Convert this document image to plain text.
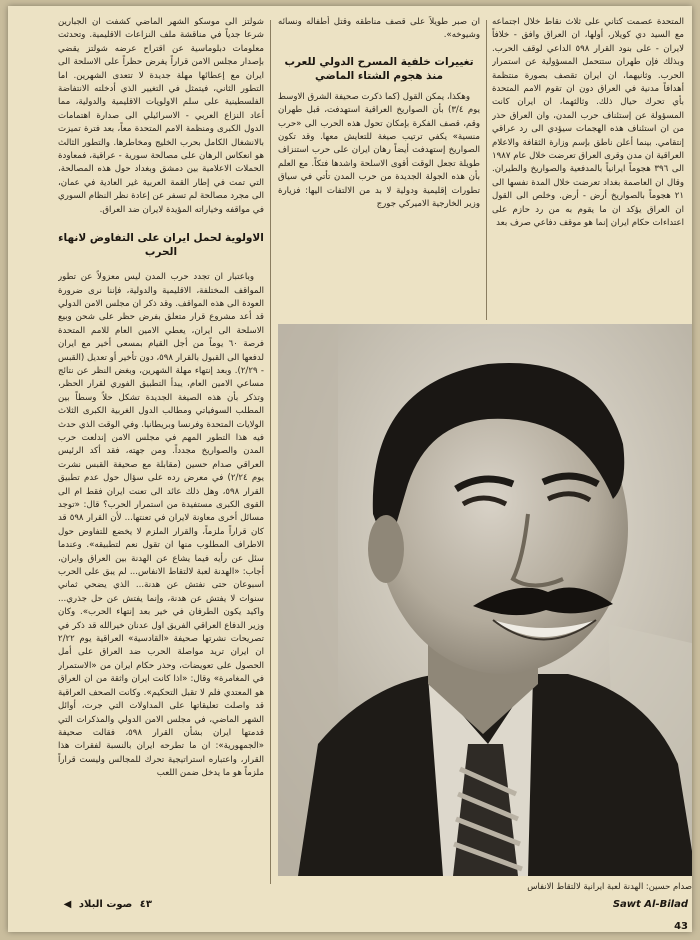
المتحدة عصمت كتاني على ثلاث نقاط خلال اجتماعه مع السيد دي كويلار، أولها، ان العراق وافق - خلافاً لايران - على بنود القرار ٥٩٨ الداعي لوقف الحرب. وبذلك فإن طهران ستتحمل المسؤولية عن استمرار الحرب. وثانيهما، ان ايران تقصف بصورة منتظمة أهدافاً مدنية في العراق دون ان تقوم الامم المتحدة بأي تحرك حيال ذلك. وثالثهما، ان ايران كانت المسؤولة عن إستئناف حرب المدن، وان العراق حذر من ان استئناف هذه الهجمات سيؤدي الى رد عراقي إنتقامي. بينما أعلن ناطق بإسم وزارة الثقافة والاعلام العراقية ان مدن وقرى العراق تعرضت خلال عام ١٩٨٧ الى ٣٩٦ هجوماً ايرانياً بالمدفعية والصواريخ والطيران. وقال ان العاصمة بغداد تعرضت خلال المدة نفسها الى ٢١ هجوماً بالصواريخ أرض - أرض. وخلص الى القول ان العراق يؤكد ان ما يقوم به من رد حازم على اعتداءات حكام ايران إنما هو موقف دفاعي صرف بعد

ان صبر طويلاً على قصف مناطقه وقتل أطفاله ونسائه وشيوخه».

تغييرات خلفية المسرح الدولي للعرب منذ هجوم الشتاء الماضي

وهكذا، يمكن القول (كما ذكرت صحيفة الشرق الاوسط يوم ٣/٤) بأن الصواريخ العراقية استهدفت، قبل طهران وقم، قصف الفكرة بإمكان تحول هذه الحرب الى «حرب منسية» يكفي ترتيب صيغة للتعايش معها. وقد تكون الصواريخ إستهدفت أيضاً رهان ايران على حرب استنزاف طويلة تجعل الوقت أقوى الاسلحة واشدها فتكاً. مع العلم بأن هذه الجولة الجديدة من حرب المدن تأتي في سياق تطورات إقليمية ودولية لا بد من الالتفات اليها: فزيارة وزير الخارجية الاميركي جورج

شولتز الى موسكو الشهر الماضي كشفت ان الجبارين شرعا جدياً في مناقشة ملف النزاعات الاقليمية. وتحدثت معلومات دبلوماسية عن اقتراح عرضه شولتز يقضي بإصدار مجلس الامن قراراً يفرض حظراً على الاسلحة الى ايران مع إعطائها مهلة جديدة لا تتعدى الشهرين. اما التطور الثاني، فيتمثل في التغيير الذي أدخلته الانتفاضة الفلسطينية على سلم الاولويات الاقليمية والدولية، مما أعاد النزاع العربي - الاسرائيلي الى صدارة اهتمامات الدول الكبرى ومنظمة الامم المتحدة معاً، بعد فترة تميزت بالانشغال الكامل بحرب الخليج ومخاطرها. والتطور الثالث هو انعكاس الرهان على مصالحة سورية - عراقية، فمعاودة الحملات الاعلامية بين دمشق وبغداد حول هذه المصالحة، التي تمت في إطار القمة العربية غير العادية في عمان، الى مجرد مصالحة لم تسفر عن إعادة نظر النظام السوري في مواقفه وخياراته المؤيدة لايران ضد العراق.

الاولوية لحمل ايران على التفاوض لانهاء الحرب

وباعتبار ان تجدد حرب المدن ليس معزولاً عن تطور المواقف المختلفة، الاقليمية والدولية، فإننا نرى ضرورة العودة الى هذه المواقف. وقد ذكر ان مجلس الامن الدولي قد أعد مشروع قرار متعلق بفرض حظر على شحن وبيع الاسلحة الى ايران، يعطي الامين العام للامم المتحدة فرصة ٦٠ يوماً من أجل القيام بمسعى أخير مع ايران لدفعها الى القبول بالقرار ٥٩٨، دون تأخير أو تعديل (القبس - ٢/٢٩). وبعد إنتهاء مهلة الشهرين، وبغض النظر عن نتائج مساعي الامين العام، يبدأ التطبيق الفوري لقرار الحظر، وتذكر بأن هذه الصيغة الجديدة تشكل حلاً وسطاً بين المطلب السوفياتي ومطالب الدول الغربية الكبرى الثلاث الولايات المتحدة وفرنسا وبريطانيا. وفي الوقت الذي حدث فيه هذا التطور المهم في مجلس الامن إندلعت حرب المدن والصواريخ مجدداً. ومن جهته، فقد أكد الرئيس العراقي صدام حسين (مقابلة مع صحيفة القبس نشرت يوم ٢/٢٤) في معرض رده على سؤال حول عدم تطبيق القرار ٥٩٨، وهل ذلك عائد الى تعنت ايران فقط ام الى القوى الكبرى مستفيدة من استمرار الحرب؟ قال: «توجد مسائل أخرى معاونة لايران في تعنتها... لأن القرار ٥٩٨ قد كان قراراً ملزماً، والقرار الملزم لا يخضع للتفاوض حول الاطراف المطلوب منها ان تقول نعم لتطبيقه». وعندما سئل عن رأيه فيما يشاع عن الهدنة بين العراق وايران، أجاب: «الهدنة لعبة لالتقاط الانفاس... لم يبق على الحرب اسبوعان حتى نفتش عن هدنة... الذي يضحي ثماني سنوات لا يفتش عن هدنة، وإنما يفتش عن حل جذري... واكيد يكون الطرفان في خير بعد إنتهاء الحرب». وكان وزير الدفاع العراقي الفريق اول عدنان خيرالله قد ذكر في تصريحات نشرتها صحيفة «القادسية» العراقية يوم ٢/٢٢ ان ايران تريد مواصلة الحرب ضد العراق على أمل الحصول على تعويضات، وحذر حكام ايران من «الاستمرار في المغامرة» وقال: «اذا كانت ايران واثقة من ان العراق هو المعتدي فلم لا تقبل التحكيم». وكانت الصحف العراقية قد واصلت تعليقاتها على المداولات التي جرت، أوائل الشهر الماضي، في مجلس الامن الدولي والمذكرات التي قدمتها ايران بشأن القرار ٥٩٨، فقالت صحيفة «الجمهورية»: ان ما تطرحه ايران بالنسبة لفقرات هذا القرار، واعتباره استراتيجية تحرك للمجالس وليست قراراً ملزماً هو ما يدخل ضمن اللعب

صدام حسين: الهدنة لعبة ايرانية لالتقاط الانفاس
Sawt Al-Bilad 43
٤٣ صوت البلاد ◀
